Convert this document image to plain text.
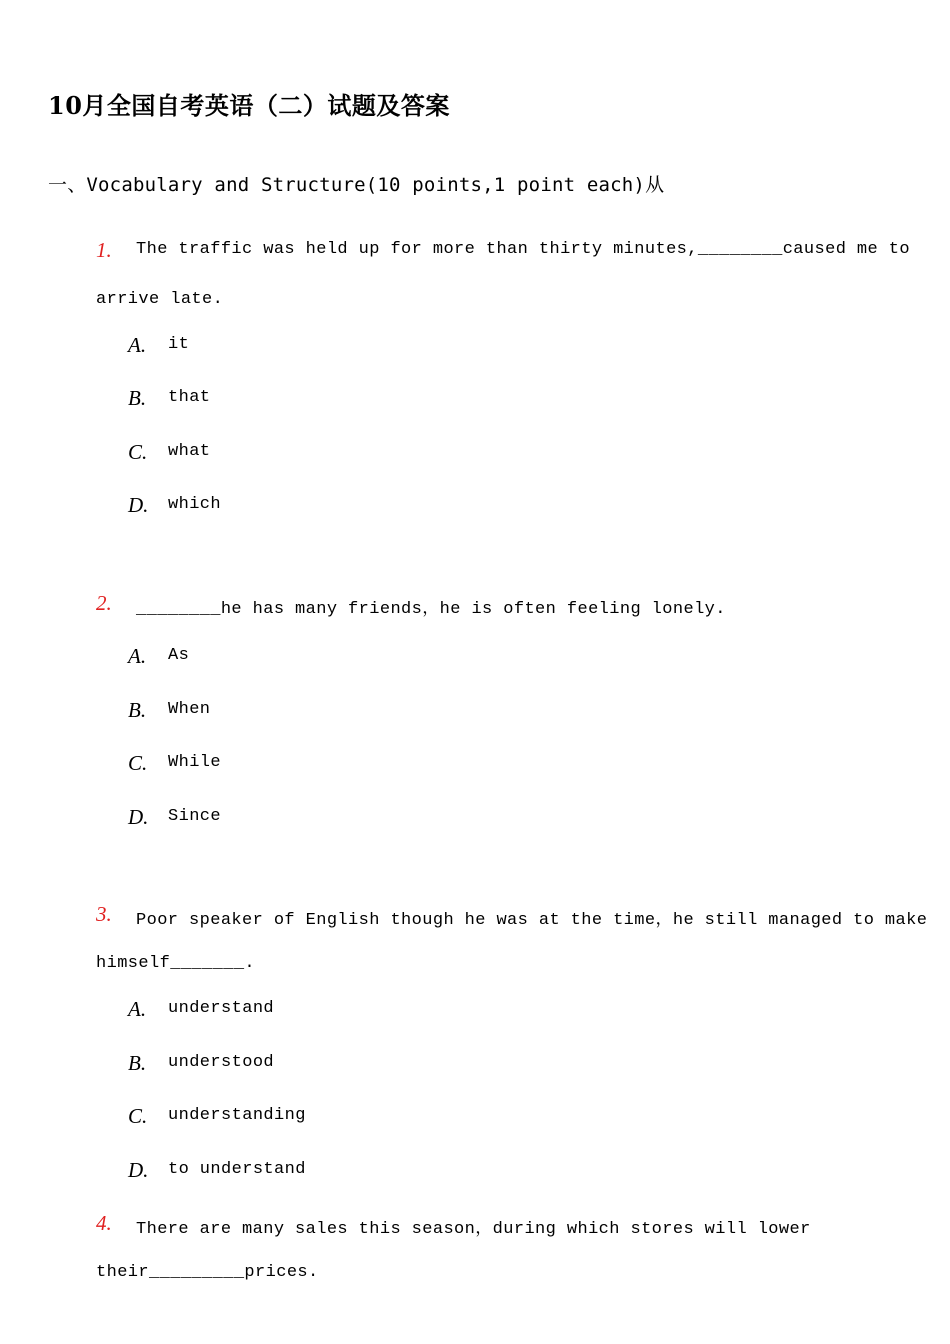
10月全国自考英语（二）试题及答案
一、Vocabulary and Structure(10 points,1 point each)从
1. The traffic was held up for more than thirty minutes,________caused me to
arrive late.
A. it
B. that
C. what
D. which
2. ________he has many friends，he is often feeling lonely.
A. As
B. When
C. While
D. Since
3. Poor speaker of English though he was at the time，he still managed to make
himself_______.
A. understand
B. understood
C. understanding
D. to understand
4. There are many sales this season，during which stores will lower
their_________prices.
